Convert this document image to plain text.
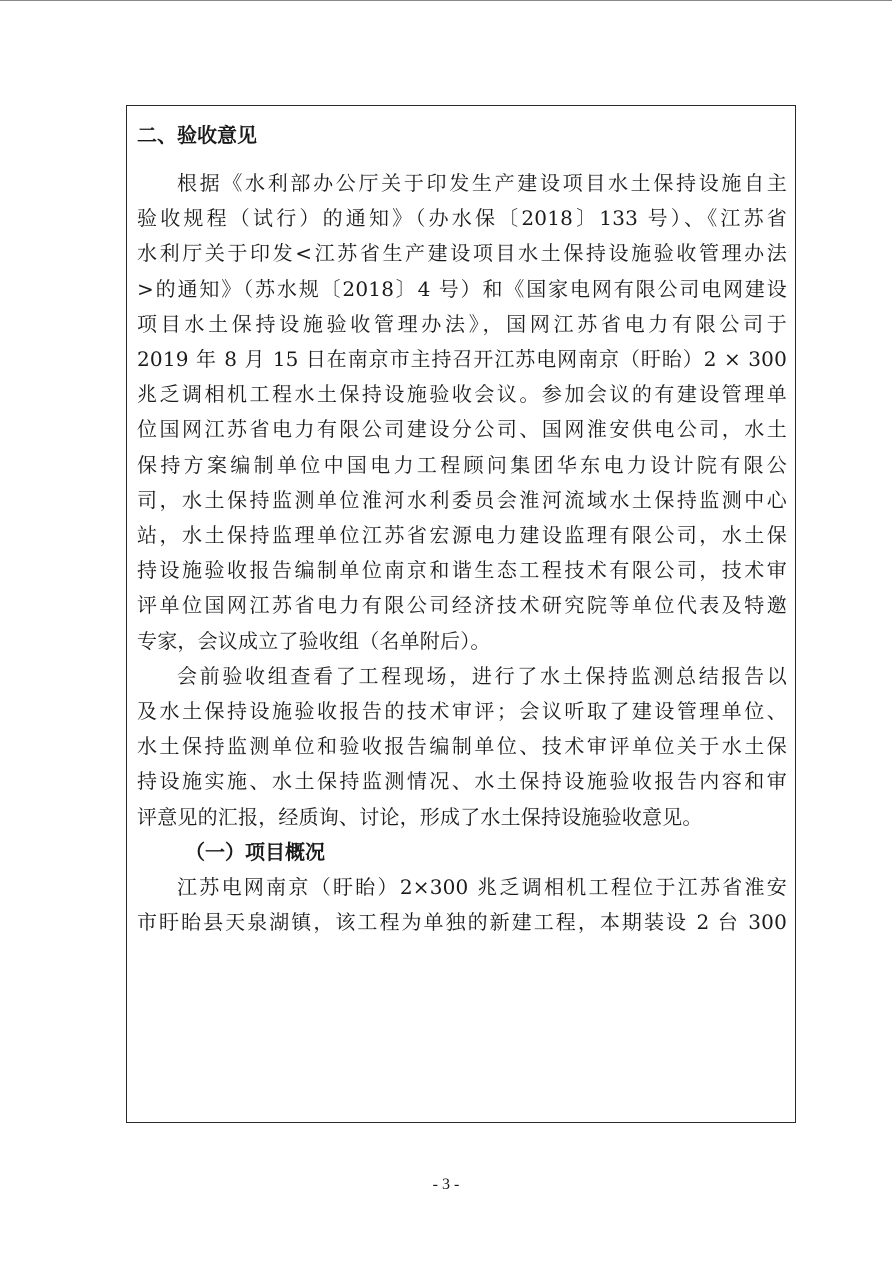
二、验收意见
根据《水利部办公厅关于印发生产建设项目水土保持设施自主
验收规程（试行）的通知》（办水保〔2018〕133 号）、《江苏省
水利厅关于印发<江苏省生产建设项目水土保持设施验收管理办法
>的通知》（苏水规〔2018〕4 号）和《国家电网有限公司电网建设
项目水土保持设施验收管理办法》，国网江苏省电力有限公司于
2019 年 8 月 15 日在南京市主持召开江苏电网南京（盱眙）2 × 300
兆乏调相机工程水土保持设施验收会议。参加会议的有建设管理单
位国网江苏省电力有限公司建设分公司、国网淮安供电公司，水土
保持方案编制单位中国电力工程顾问集团华东电力设计院有限公
司，水土保持监测单位淮河水利委员会淮河流域水土保持监测中心
站，水土保持监理单位江苏省宏源电力建设监理有限公司，水土保
持设施验收报告编制单位南京和谐生态工程技术有限公司，技术审
评单位国网江苏省电力有限公司经济技术研究院等单位代表及特邀
专家，会议成立了验收组（名单附后）。
会前验收组查看了工程现场，进行了水土保持监测总结报告以
及水土保持设施验收报告的技术审评；会议听取了建设管理单位、
水土保持监测单位和验收报告编制单位、技术审评单位关于水土保
持设施实施、水土保持监测情况、水土保持设施验收报告内容和审
评意见的汇报，经质询、讨论，形成了水土保持设施验收意见。
（一）项目概况
江苏电网南京（盱眙）2×300 兆乏调相机工程位于江苏省淮安
市盱眙县天泉湖镇，该工程为单独的新建工程，本期装设 2 台 300
- 3 -
